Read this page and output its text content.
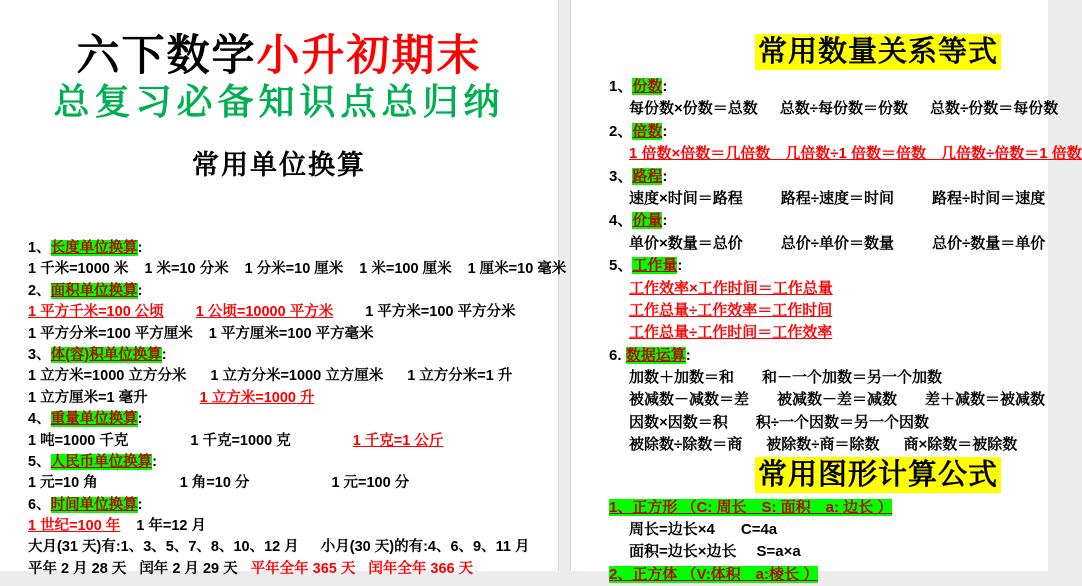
六下数学小升初期末
总复习必备知识点总归纳
常用单位换算
1、长度单位换算:
1 千米=1000 米 1 米=10 分米 1 分米=10 厘米 1 米=100 厘米 1 厘米=10 毫米
2、面积单位换算:
1 平方千米=100 公顷 1 公顷=10000 平方米 1 平方米=100 平方分米
1 平方分米=100 平方厘米 1 平方厘米=100 平方毫米
3、体(容)积单位换算:
1 立方米=1000 立方分米 1 立方分米=1000 立方厘米 1 立方分米=1 升
1 立方厘米=1 毫升	1 立方米=1000 升
4、重量单位换算:
1 吨=1000 千克	1 千克=1000 克	1 千克=1 公斤
5、人民币单位换算:
1 元=10 角	1 角=10 分	1 元=100 分
6、时间单位换算:
1 世纪=100 年 1 年=12 月
大月(31 天)有:1、3、5、7、8、10、12 月 小月(30 天)的有:4、6、9、11 月
平年 2 月 28 天 闰年 2 月 29 天 平年全年 365 天 闰年全年 366 天
常用数量关系等式
1、份数:
每份数×份数＝总数 总数÷每份数＝份数 总数÷份数＝每份数
2、倍数:
1 倍数×倍数＝几倍数　几倍数÷1 倍数＝倍数　几倍数÷倍数＝1 倍数
3、路程:
速度×时间＝路程	路程÷速度＝时间	路程÷时间＝速度
4、价量:
单价×数量＝总价	总价÷单价＝数量	总价÷数量＝单价
5、工作量:
工作效率×工作时间＝工作总量
工作总量÷工作效率＝工作时间
工作总量÷工作时间＝工作效率
6. 数据运算:
加数＋加数＝和 和－一个加数＝另一个加数
被减数－减数＝差 被减数－差＝减数 差＋减数＝被减数
因数×因数＝积 积÷一个因数＝另一个因数
被除数÷除数＝商 被除数÷商＝除数 商×除数＝被除数
常用图形计算公式
1、正方形 （C: 周长　S: 面积　a: 边长 ）
周长=边长×4 C=4a
面积=边长×边长 S=a×a
2、正方体 （V:体积　a:棱长 ）
